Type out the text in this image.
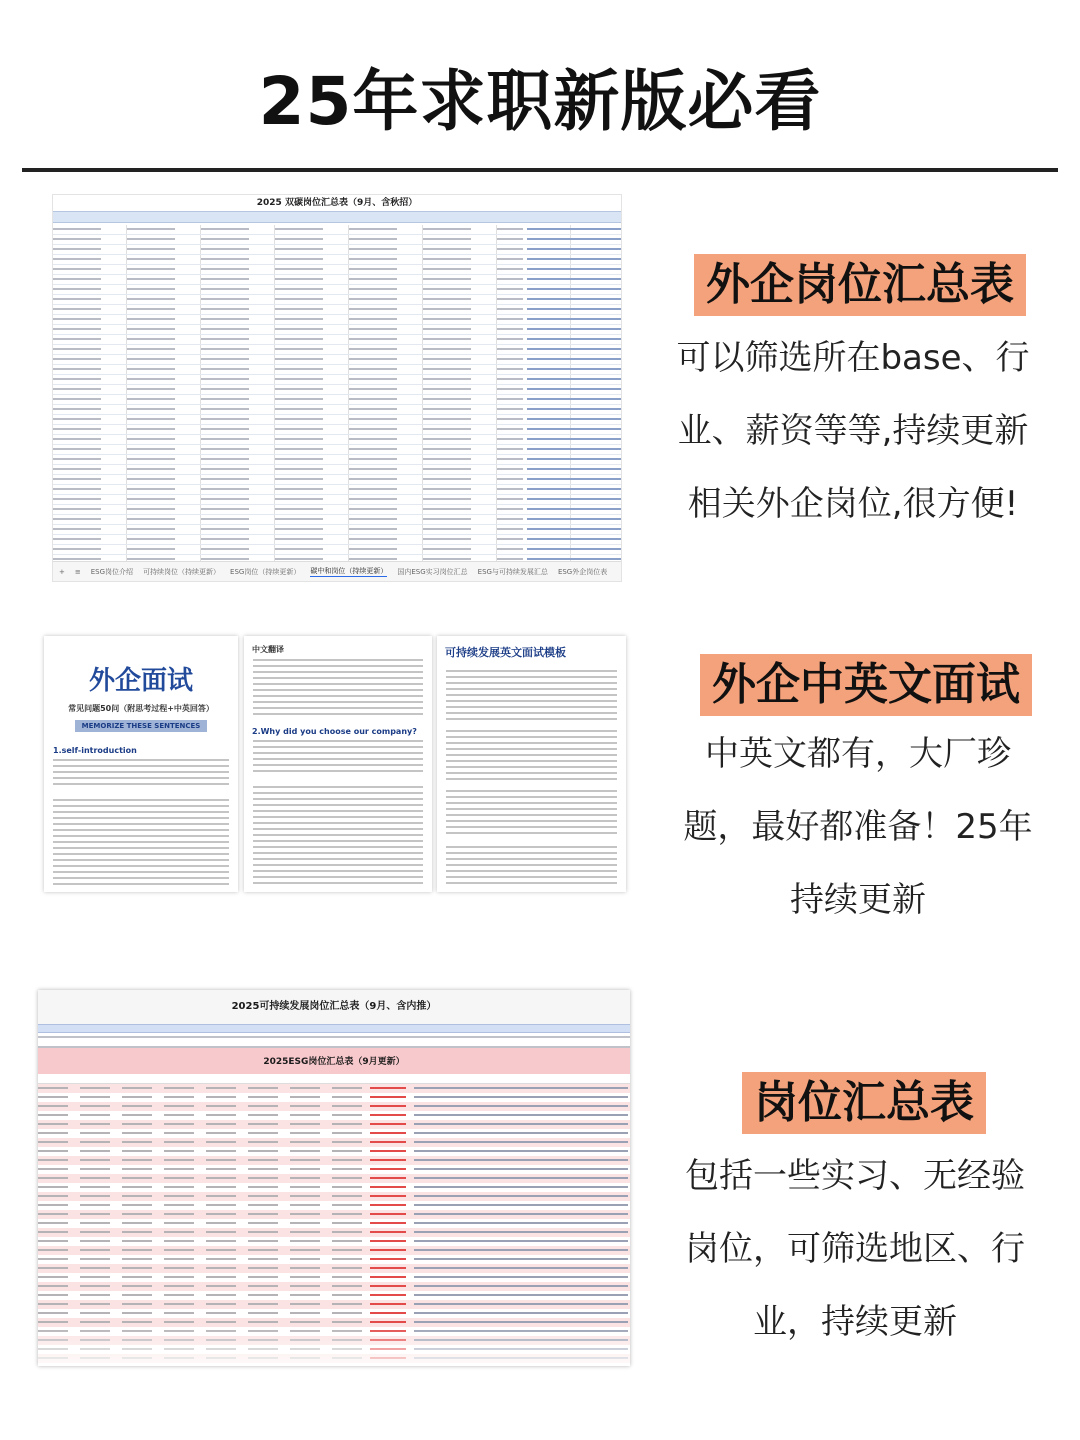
25年求职新版必看
2025 双碳岗位汇总表（9月、含秋招）
+ ≡ ESG岗位介绍 可持续岗位（持续更新） ESG岗位（持续更新） 碳中和岗位（持续更新） 国内ESG实习岗位汇总 ESG与可持续发展汇总 ESG外企岗位表
外企岗位汇总表
可以筛选所在base、行
业、薪资等等,持续更新
相关外企岗位,很方便!
外企面试
常见问题50问（附思考过程+中英回答）
MEMORIZE THESE SENTENCES
1.self-introduction
中文翻译
2.Why did you choose our company?
可持续发展英文面试模板
外企中英文面试
中英文都有，大厂珍
题，最好都准备！25年
持续更新
2025可持续发展岗位汇总表（9月、含内推）
2025ESG岗位汇总表（9月更新）
岗位汇总表
包括一些实习、无经验
岗位，可筛选地区、行
业，持续更新
